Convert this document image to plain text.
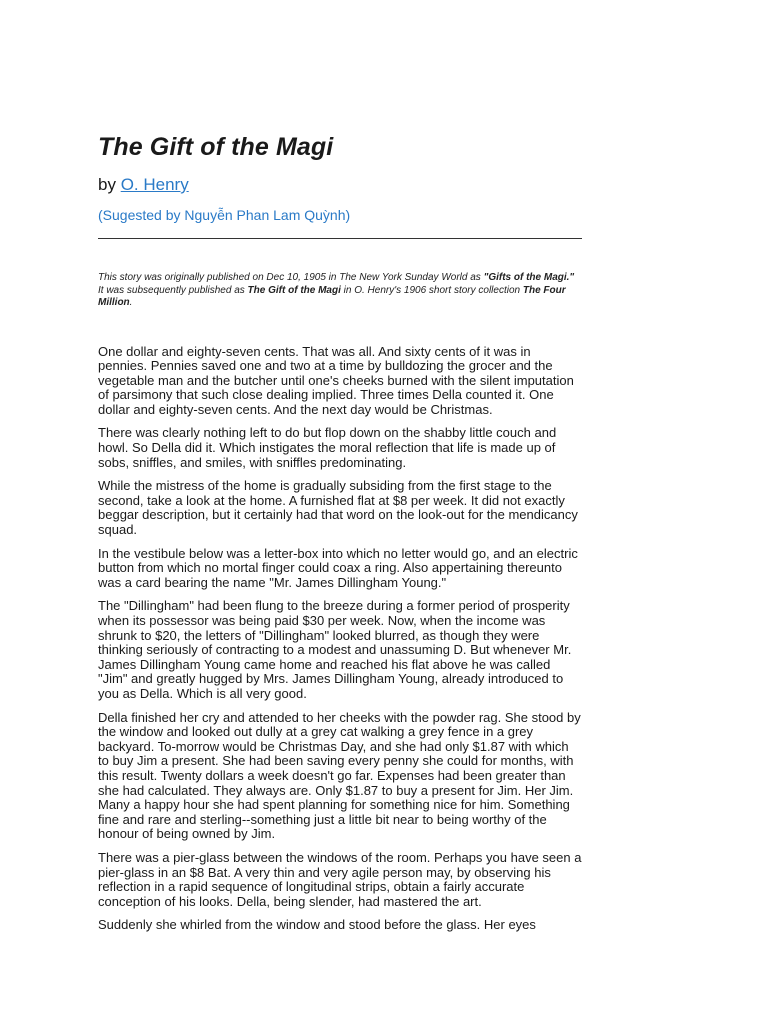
The Gift of the Magi
by O. Henry
(Sugested by Nguyễn Phan Lam Quỳnh)
This story was originally published on Dec 10, 1905 in The New York Sunday World as "Gifts of the Magi." It was subsequently published as The Gift of the Magi in O. Henry's 1906 short story collection The Four Million.

One dollar and eighty-seven cents. That was all. And sixty cents of it was in pennies. Pennies saved one and two at a time by bulldozing the grocer and the vegetable man and the butcher until one's cheeks burned with the silent imputation of parsimony that such close dealing implied. Three times Della counted it. One dollar and eighty-seven cents. And the next day would be Christmas.

There was clearly nothing left to do but flop down on the shabby little couch and howl. So Della did it. Which instigates the moral reflection that life is made up of sobs, sniffles, and smiles, with sniffles predominating.

While the mistress of the home is gradually subsiding from the first stage to the second, take a look at the home. A furnished flat at $8 per week. It did not exactly beggar description, but it certainly had that word on the look-out for the mendicancy squad.

In the vestibule below was a letter-box into which no letter would go, and an electric button from which no mortal finger could coax a ring. Also appertaining thereunto was a card bearing the name "Mr. James Dillingham Young."

The "Dillingham" had been flung to the breeze during a former period of prosperity when its possessor was being paid $30 per week. Now, when the income was shrunk to $20, the letters of "Dillingham" looked blurred, as though they were thinking seriously of contracting to a modest and unassuming D. But whenever Mr. James Dillingham Young came home and reached his flat above he was called "Jim" and greatly hugged by Mrs. James Dillingham Young, already introduced to you as Della. Which is all very good.

Della finished her cry and attended to her cheeks with the powder rag. She stood by the window and looked out dully at a grey cat walking a grey fence in a grey backyard. To-morrow would be Christmas Day, and she had only $1.87 with which to buy Jim a present. She had been saving every penny she could for months, with this result. Twenty dollars a week doesn't go far. Expenses had been greater than she had calculated. They always are. Only $1.87 to buy a present for Jim. Her Jim. Many a happy hour she had spent planning for something nice for him. Something fine and rare and sterling--something just a little bit near to being worthy of the honour of being owned by Jim.

There was a pier-glass between the windows of the room. Perhaps you have seen a pier-glass in an $8 Bat. A very thin and very agile person may, by observing his reflection in a rapid sequence of longitudinal strips, obtain a fairly accurate conception of his looks. Della, being slender, had mastered the art.

Suddenly she whirled from the window and stood before the glass. Her eyes
